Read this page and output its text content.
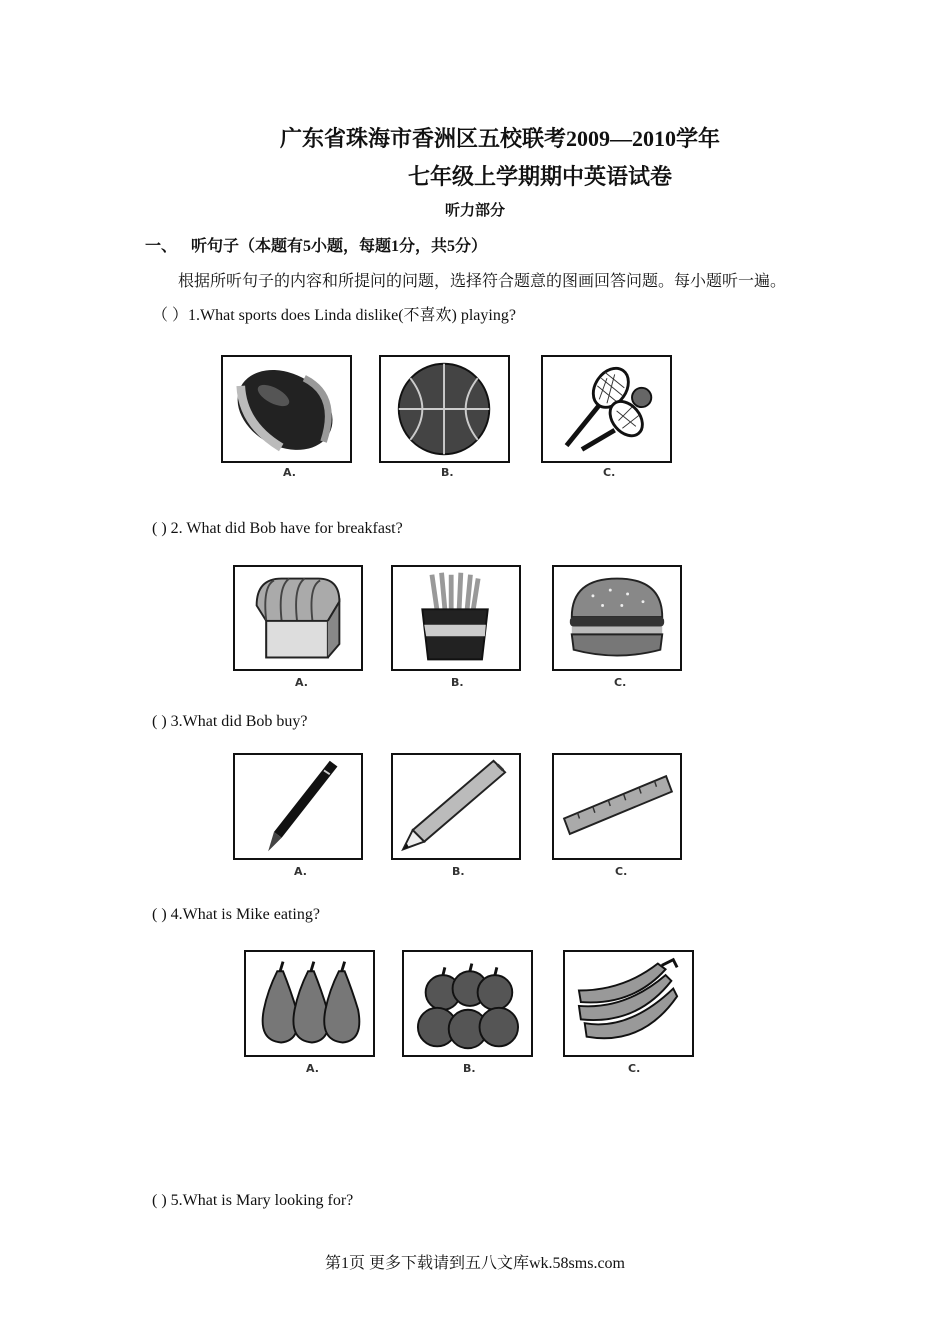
广东省珠海市香洲区五校联考2009—2010学年
七年级上学期期中英语试卷
听力部分
一、 听句子（本题有5小题，每题1分，共5分）
根据所听句子的内容和所提问的问题，选择符合题意的图画回答问题。每小题听一遍。
（ ）1.What sports does Linda dislike(不喜欢) playing?
A.	B.	C.
( ) 2. What did Bob have for breakfast?
A.	B.	C.
( ) 3.What did Bob buy?
A.	B.	C.
( ) 4.What is Mike eating?
A.	B.	C.
( ) 5.What is Mary looking for?
第1页 更多下载请到五八文库wk.58sms.com
